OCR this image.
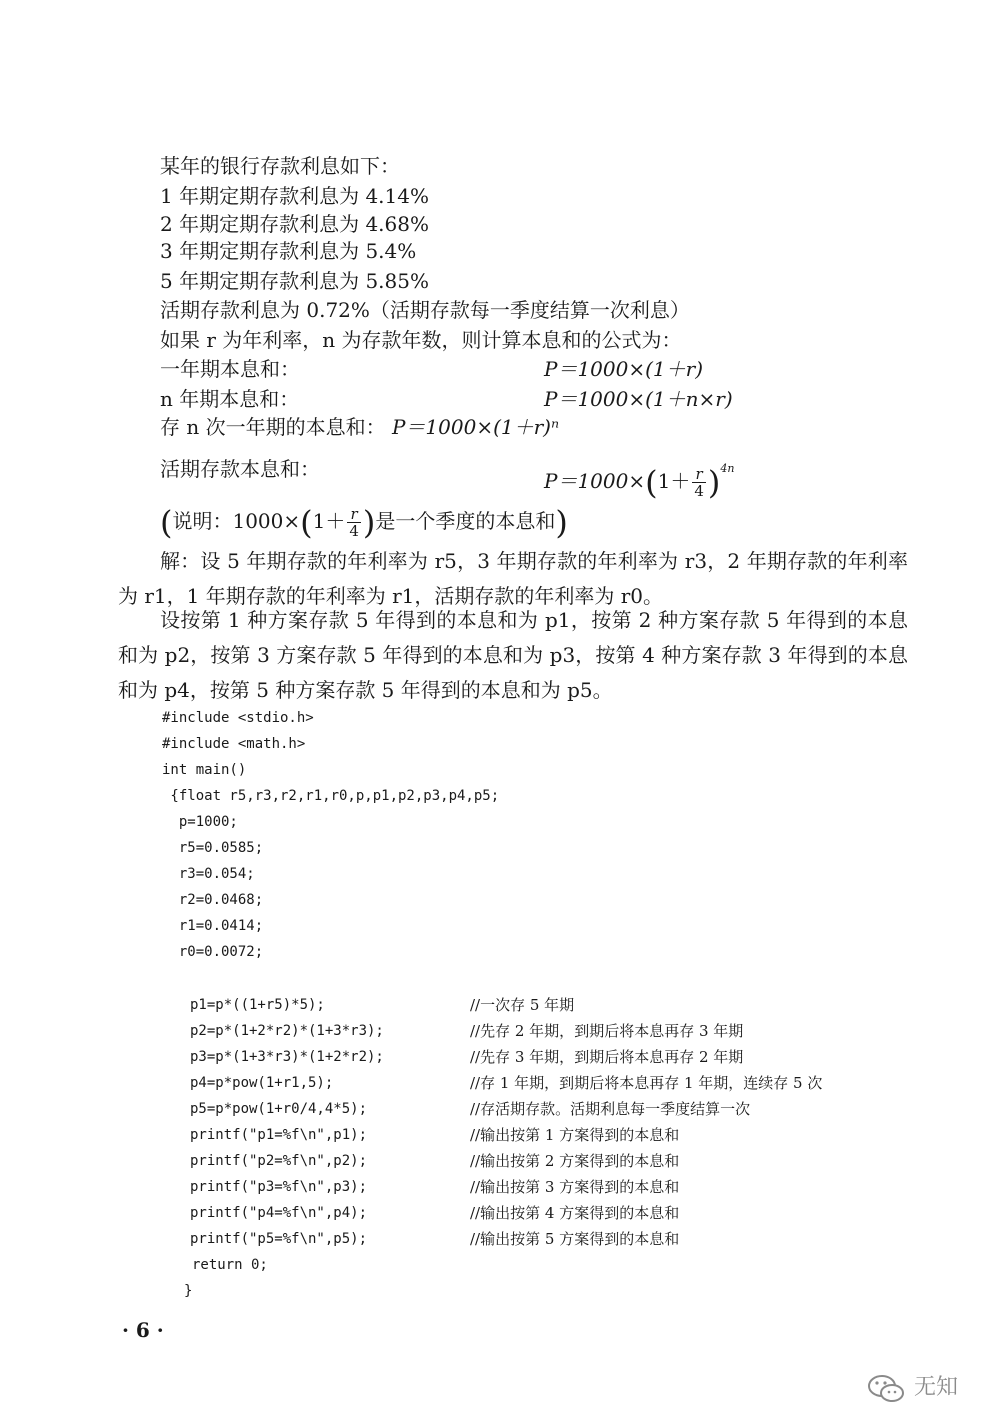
某年的银行存款利息如下：
1 年期定期存款利息为 4.14%
2 年期定期存款利息为 4.68%
3 年期定期存款利息为 5.4%
5 年期定期存款利息为 5.85%
活期存款利息为 0.72%（活期存款每一季度结算一次利息）
如果 r 为年利率，n 为存款年数，则计算本息和的公式为：
一年期本息和：	P＝1000×(1＋r)
n 年期本息和：	P＝1000×(1＋n×r)
存 n 次一年期的本息和： P＝1000×(1＋r)ⁿ
活期存款本息和：	$P=1000\times(1+ \frac{r}{4} )^{4n}$
(说明：$1000\times(1+ \frac{r}{4}$ )是一个季度的本息和)
解：设 5 年期存款的年利率为 r5，3 年期存款的年利率为 r3，2 年期存款的年利率为 r1，1 年期存款的年利率为 r1，活期存款的年利率为 r0。
设按第 1 种方案存款 5 年得到的本息和为 p1，按第 2 种方案存款 5 年得到的本息和为 p2，按第 3 方案存款 5 年得到的本息和为 p3，按第 4 种方案存款 3 年得到的本息和为 p4，按第 5 种方案存款 5 年得到的本息和为 p5。
#include <stdio.h>
#include <math.h>
int main()
{float r5,r3,r2,r1,r0,p,p1,p2,p3,p4,p5;
p=1000;
r5=0.0585;
r3=0.054;
r2=0.0468;
r1=0.0414;
r0=0.0072;
p1=p*((1+r5)*5);	//一次存 5 年期
p2=p*(1+2*r2)*(1+3*r3);	//先存 2 年期，到期后将本息再存 3 年期
p3=p*(1+3*r3)*(1+2*r2);	//先存 3 年期，到期后将本息再存 2 年期
p4=p*pow(1+r1,5);	//存 1 年期，到期后将本息再存 1 年期，连续存 5 次
p5=p*pow(1+r0/4,4*5);	//存活期存款。活期利息每一季度结算一次
printf("p1=%f\n",p1);	//输出按第 1 方案得到的本息和
printf("p2=%f\n",p2);	//输出按第 2 方案得到的本息和
printf("p3=%f\n",p3);	//输出按第 3 方案得到的本息和
printf("p4=%f\n",p4);	//输出按第 4 方案得到的本息和
printf("p5=%f\n",p5);	//输出按第 5 方案得到的本息和
return 0;
}
· 6 ·
无知
